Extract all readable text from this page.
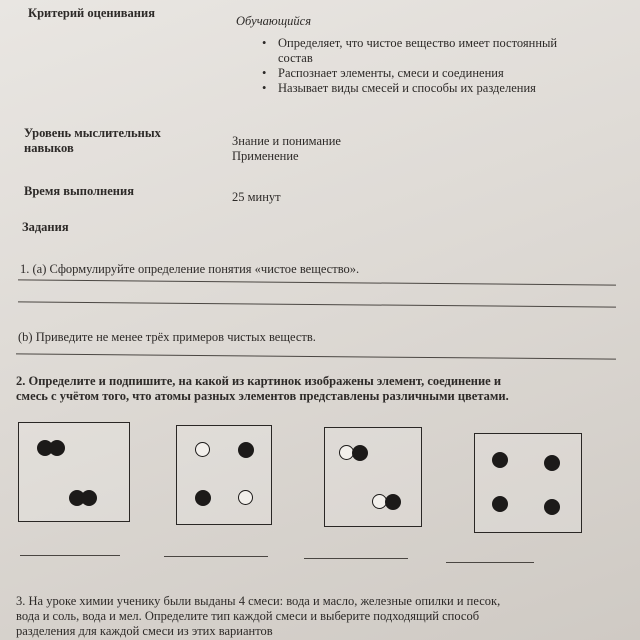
Критерий оценивания
Обучающийся
• Определяет, что чистое вещество имеет постоянный
состав
• Распознает элементы, смеси и соединения
• Называет виды смесей и способы их разделения
Уровень мыслительных
навыков	Знание и понимание
Применение
Время выполнения	25 минут
Задания
1. (а) Сформулируйте определение понятия «чистое вещество».
(b) Приведите не менее трёх примеров чистых веществ.
2. Определите и подпишите, на какой из картинок изображены элемент, соединение и
смесь с учётом того, что атомы разных элементов представлены различными цветами.
3. На уроке химии ученику были выданы 4 смеси: вода и масло, железные опилки и песок,
вода и соль, вода и мел. Определите тип каждой смеси и выберите подходящий способ
разделения для каждой смеси из этих вариантов
